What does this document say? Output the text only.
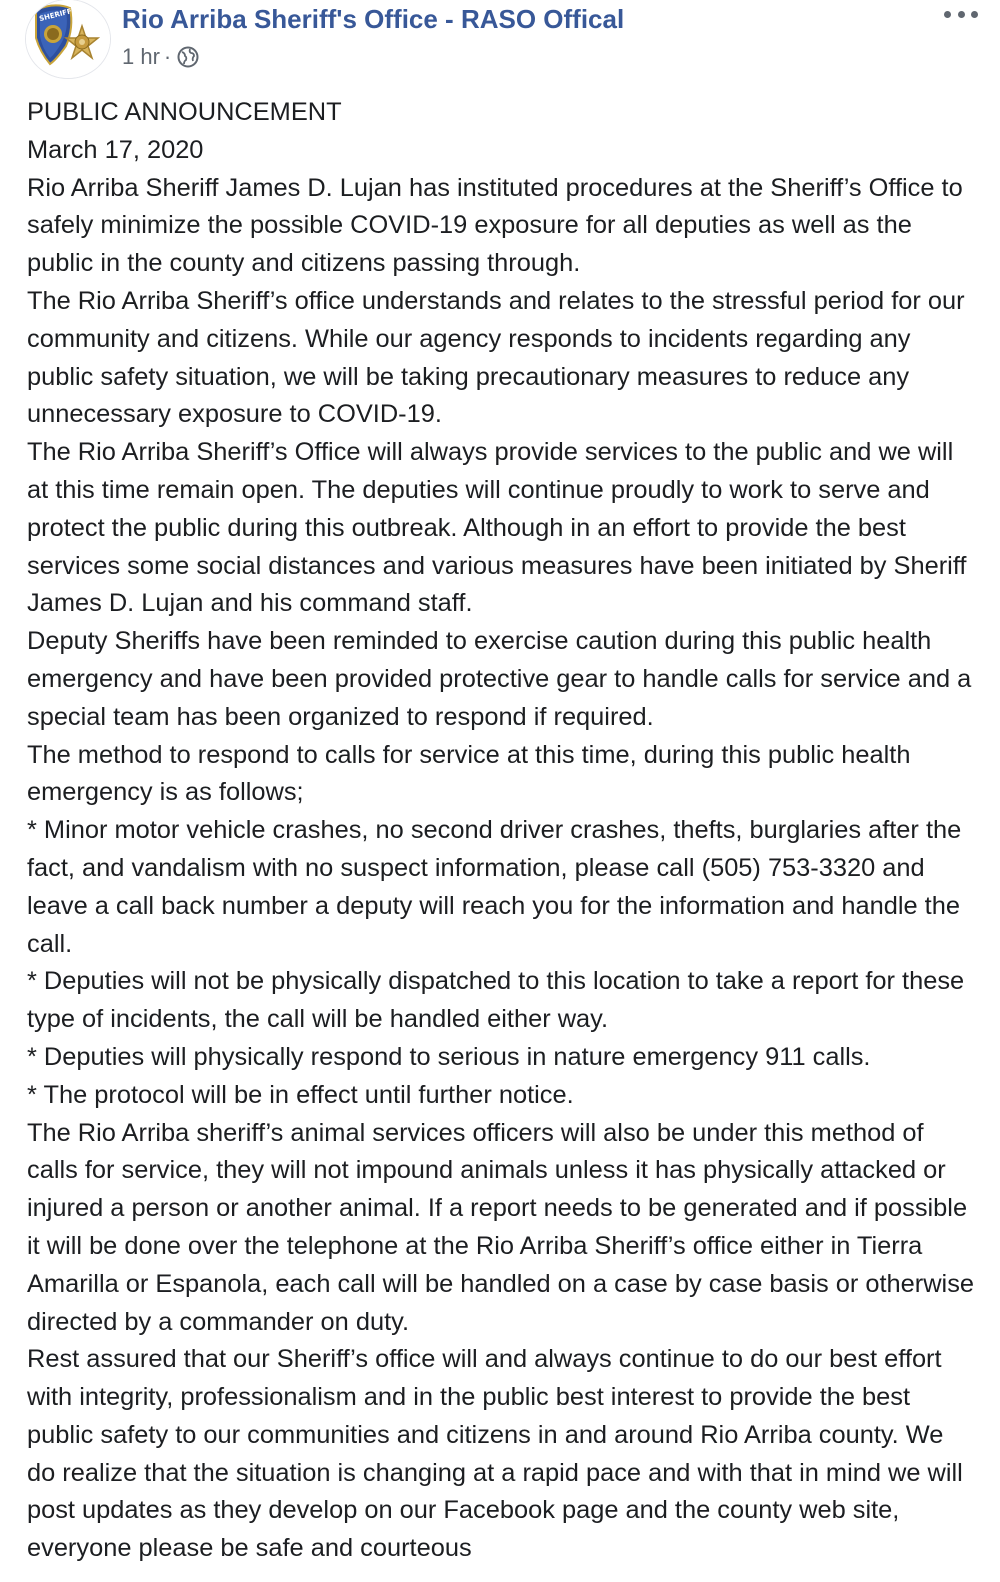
SHERIFF Rio Arriba Sheriff's Office - RASO Offical
1 hr ·

PUBLIC ANNOUNCEMENT

March 17, 2020

Rio Arriba Sheriff James D. Lujan has instituted procedures at the Sheriff’s Office to safely minimize the possible COVID-19 exposure for all deputies as well as the public in the county and citizens passing through.

The Rio Arriba Sheriff’s office understands and relates to the stressful period for our community and citizens. While our agency responds to incidents regarding any public safety situation, we will be taking precautionary measures to reduce any unnecessary exposure to COVID-19.

The Rio Arriba Sheriff’s Office will always provide services to the public and we will at this time remain open. The deputies will continue proudly to work to serve and protect the public during this outbreak. Although in an effort to provide the best services some social distances and various measures have been initiated by Sheriff James D. Lujan and his command staff.

Deputy Sheriffs have been reminded to exercise caution during this public health emergency and have been provided protective gear to handle calls for service and a special team has been organized to respond if required.

The method to respond to calls for service at this time, during this public health emergency is as follows;

* Minor motor vehicle crashes, no second driver crashes, thefts, burglaries after the fact, and vandalism with no suspect information, please call (505) 753-3320 and leave a call back number a deputy will reach you for the information and handle the call.

* Deputies will not be physically dispatched to this location to take a report for these type of incidents, the call will be handled either way.

* Deputies will physically respond to serious in nature emergency 911 calls.

* The protocol will be in effect until further notice.

The Rio Arriba sheriff’s animal services officers will also be under this method of calls for service, they will not impound animals unless it has physically attacked or injured a person or another animal. If a report needs to be generated and if possible it will be done over the telephone at the Rio Arriba Sheriff’s office either in Tierra Amarilla or Espanola, each call will be handled on a case by case basis or otherwise directed by a commander on duty.

Rest assured that our Sheriff’s office will and always continue to do our best effort with integrity, professionalism and in the public best interest to provide the best public safety to our communities and citizens in and around Rio Arriba county. We do realize that the situation is changing at a rapid pace and with that in mind we will post updates as they develop on our Facebook page and the county web site, everyone please be safe and courteous
